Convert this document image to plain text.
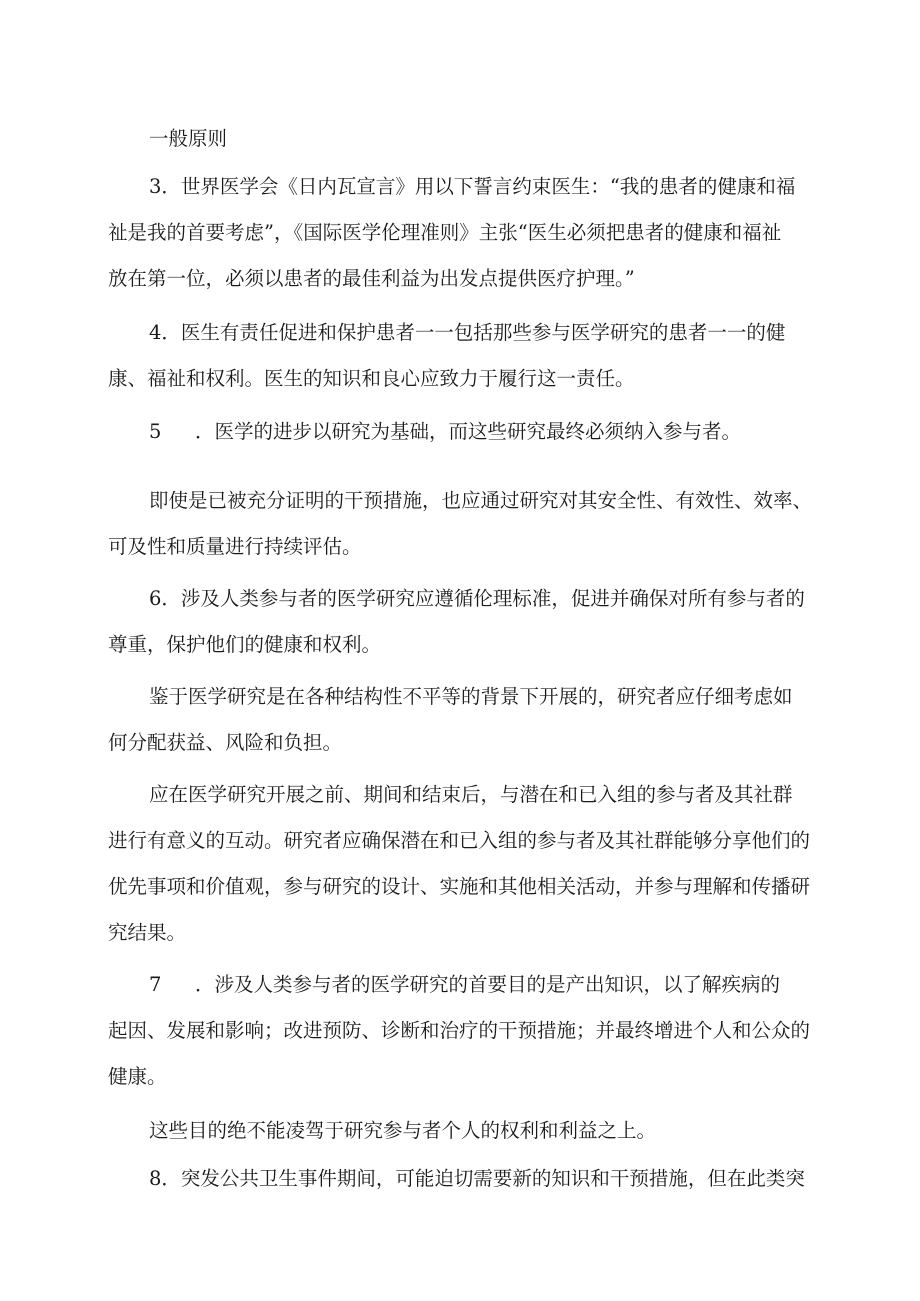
一般原则
3．世界医学会《日内瓦宣言》用以下誓言约束医生：“我的患者的健康和福
祉是我的首要考虑”，《国际医学伦理准则》主张“医生必须把患者的健康和福祉
放在第一位，必须以患者的最佳利益为出发点提供医疗护理。”
4．医生有责任促进和保护患者一一包括那些参与医学研究的患者一一的健
康、福祉和权利。医生的知识和良心应致力于履行这一责任。
5 ．医学的进步以研究为基础，而这些研究最终必须纳入参与者。
即使是已被充分证明的干预措施，也应通过研究对其安全性、有效性、效率、
可及性和质量进行持续评估。
6．涉及人类参与者的医学研究应遵循伦理标准，促进并确保对所有参与者的
尊重，保护他们的健康和权利。
鉴于医学研究是在各种结构性不平等的背景下开展的，研究者应仔细考虑如
何分配获益、风险和负担。
应在医学研究开展之前、期间和结束后，与潜在和已入组的参与者及其社群
进行有意义的互动。研究者应确保潜在和已入组的参与者及其社群能够分享他们的
优先事项和价值观，参与研究的设计、实施和其他相关活动，并参与理解和传播研
究结果。
7 ．涉及人类参与者的医学研究的首要目的是产出知识，以了解疾病的
起因、发展和影响；改进预防、诊断和治疗的干预措施；并最终增进个人和公众的
健康。
这些目的绝不能凌驾于研究参与者个人的权利和利益之上。
8．突发公共卫生事件期间，可能迫切需要新的知识和干预措施，但在此类突
